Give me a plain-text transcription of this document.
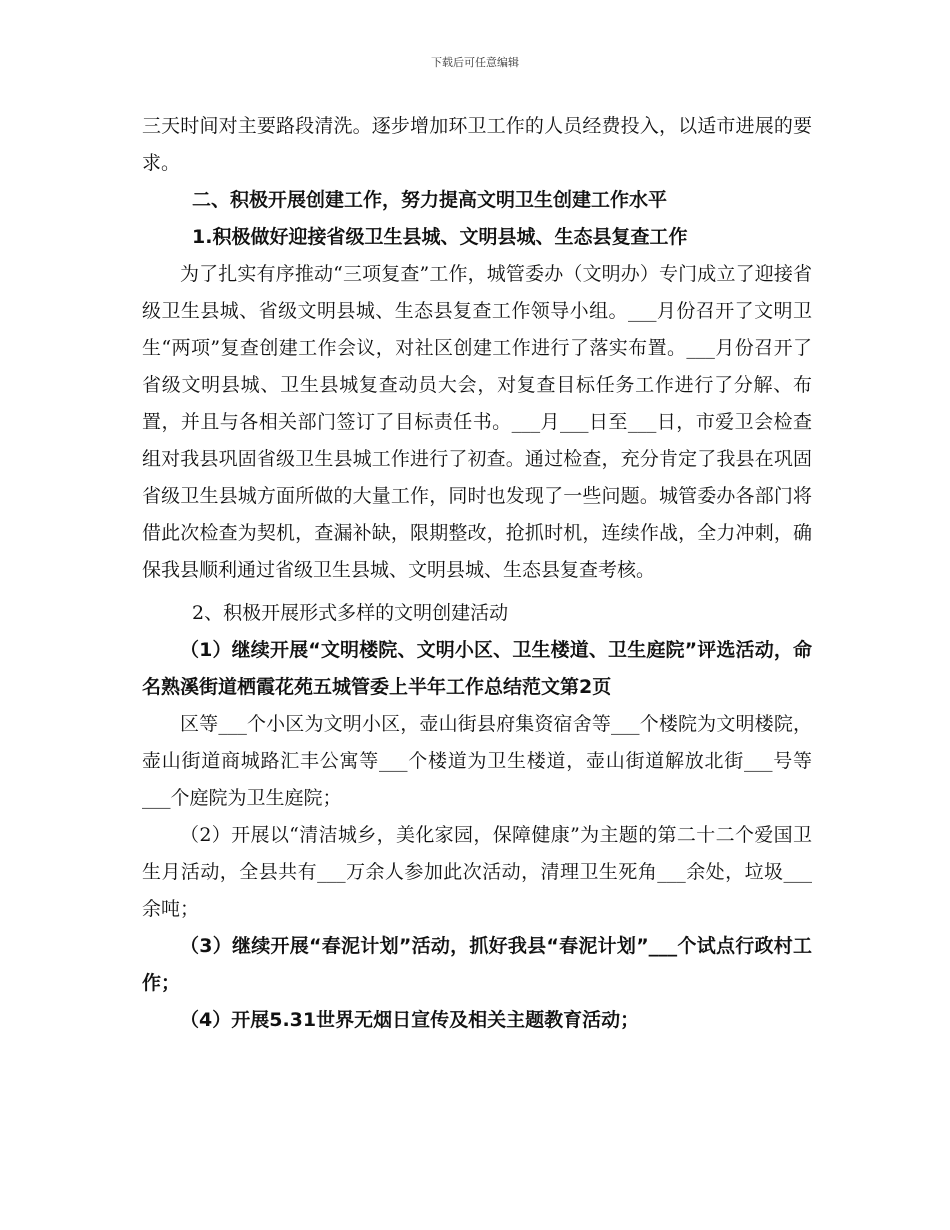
下载后可任意编辑

三天时间对主要路段清洗。逐步增加环卫工作的人员经费投入，以适市进展的要求。

二、积极开展创建工作，努力提高文明卫生创建工作水平

1.积极做好迎接省级卫生县城、文明县城、生态县复查工作

为了扎实有序推动“三项复查”工作，城管委办（文明办）专门成立了迎接省级卫生县城、省级文明县城、生态县复查工作领导小组。___月份召开了文明卫生“两项”复查创建工作会议，对社区创建工作进行了落实布置。___月份召开了省级文明县城、卫生县城复查动员大会，对复查目标任务工作进行了分解、布置，并且与各相关部门签订了目标责任书。___月___日至___日，市爱卫会检查组对我县巩固省级卫生县城工作进行了初查。通过检查，充分肯定了我县在巩固省级卫生县城方面所做的大量工作，同时也发现了一些问题。城管委办各部门将借此次检查为契机，查漏补缺，限期整改，抢抓时机，连续作战，全力冲刺，确保我县顺利通过省级卫生县城、文明县城、生态县复查考核。

2、积极开展形式多样的文明创建活动

（1）继续开展“文明楼院、文明小区、卫生楼道、卫生庭院”评选活动，命名熟溪街道栖霞花苑五城管委上半年工作总结范文第2页

区等___个小区为文明小区，壶山街县府集资宿舍等___个楼院为文明楼院，壶山街道商城路汇丰公寓等___个楼道为卫生楼道，壶山街道解放北街___号等___个庭院为卫生庭院；

（2）开展以“清洁城乡，美化家园，保障健康”为主题的第二十二个爱国卫生月活动，全县共有___万余人参加此次活动，清理卫生死角___余处，垃圾___余吨；

（3）继续开展“春泥计划”活动，抓好我县“春泥计划”___个试点行政村工作；

（4）开展5.31世界无烟日宣传及相关主题教育活动；
